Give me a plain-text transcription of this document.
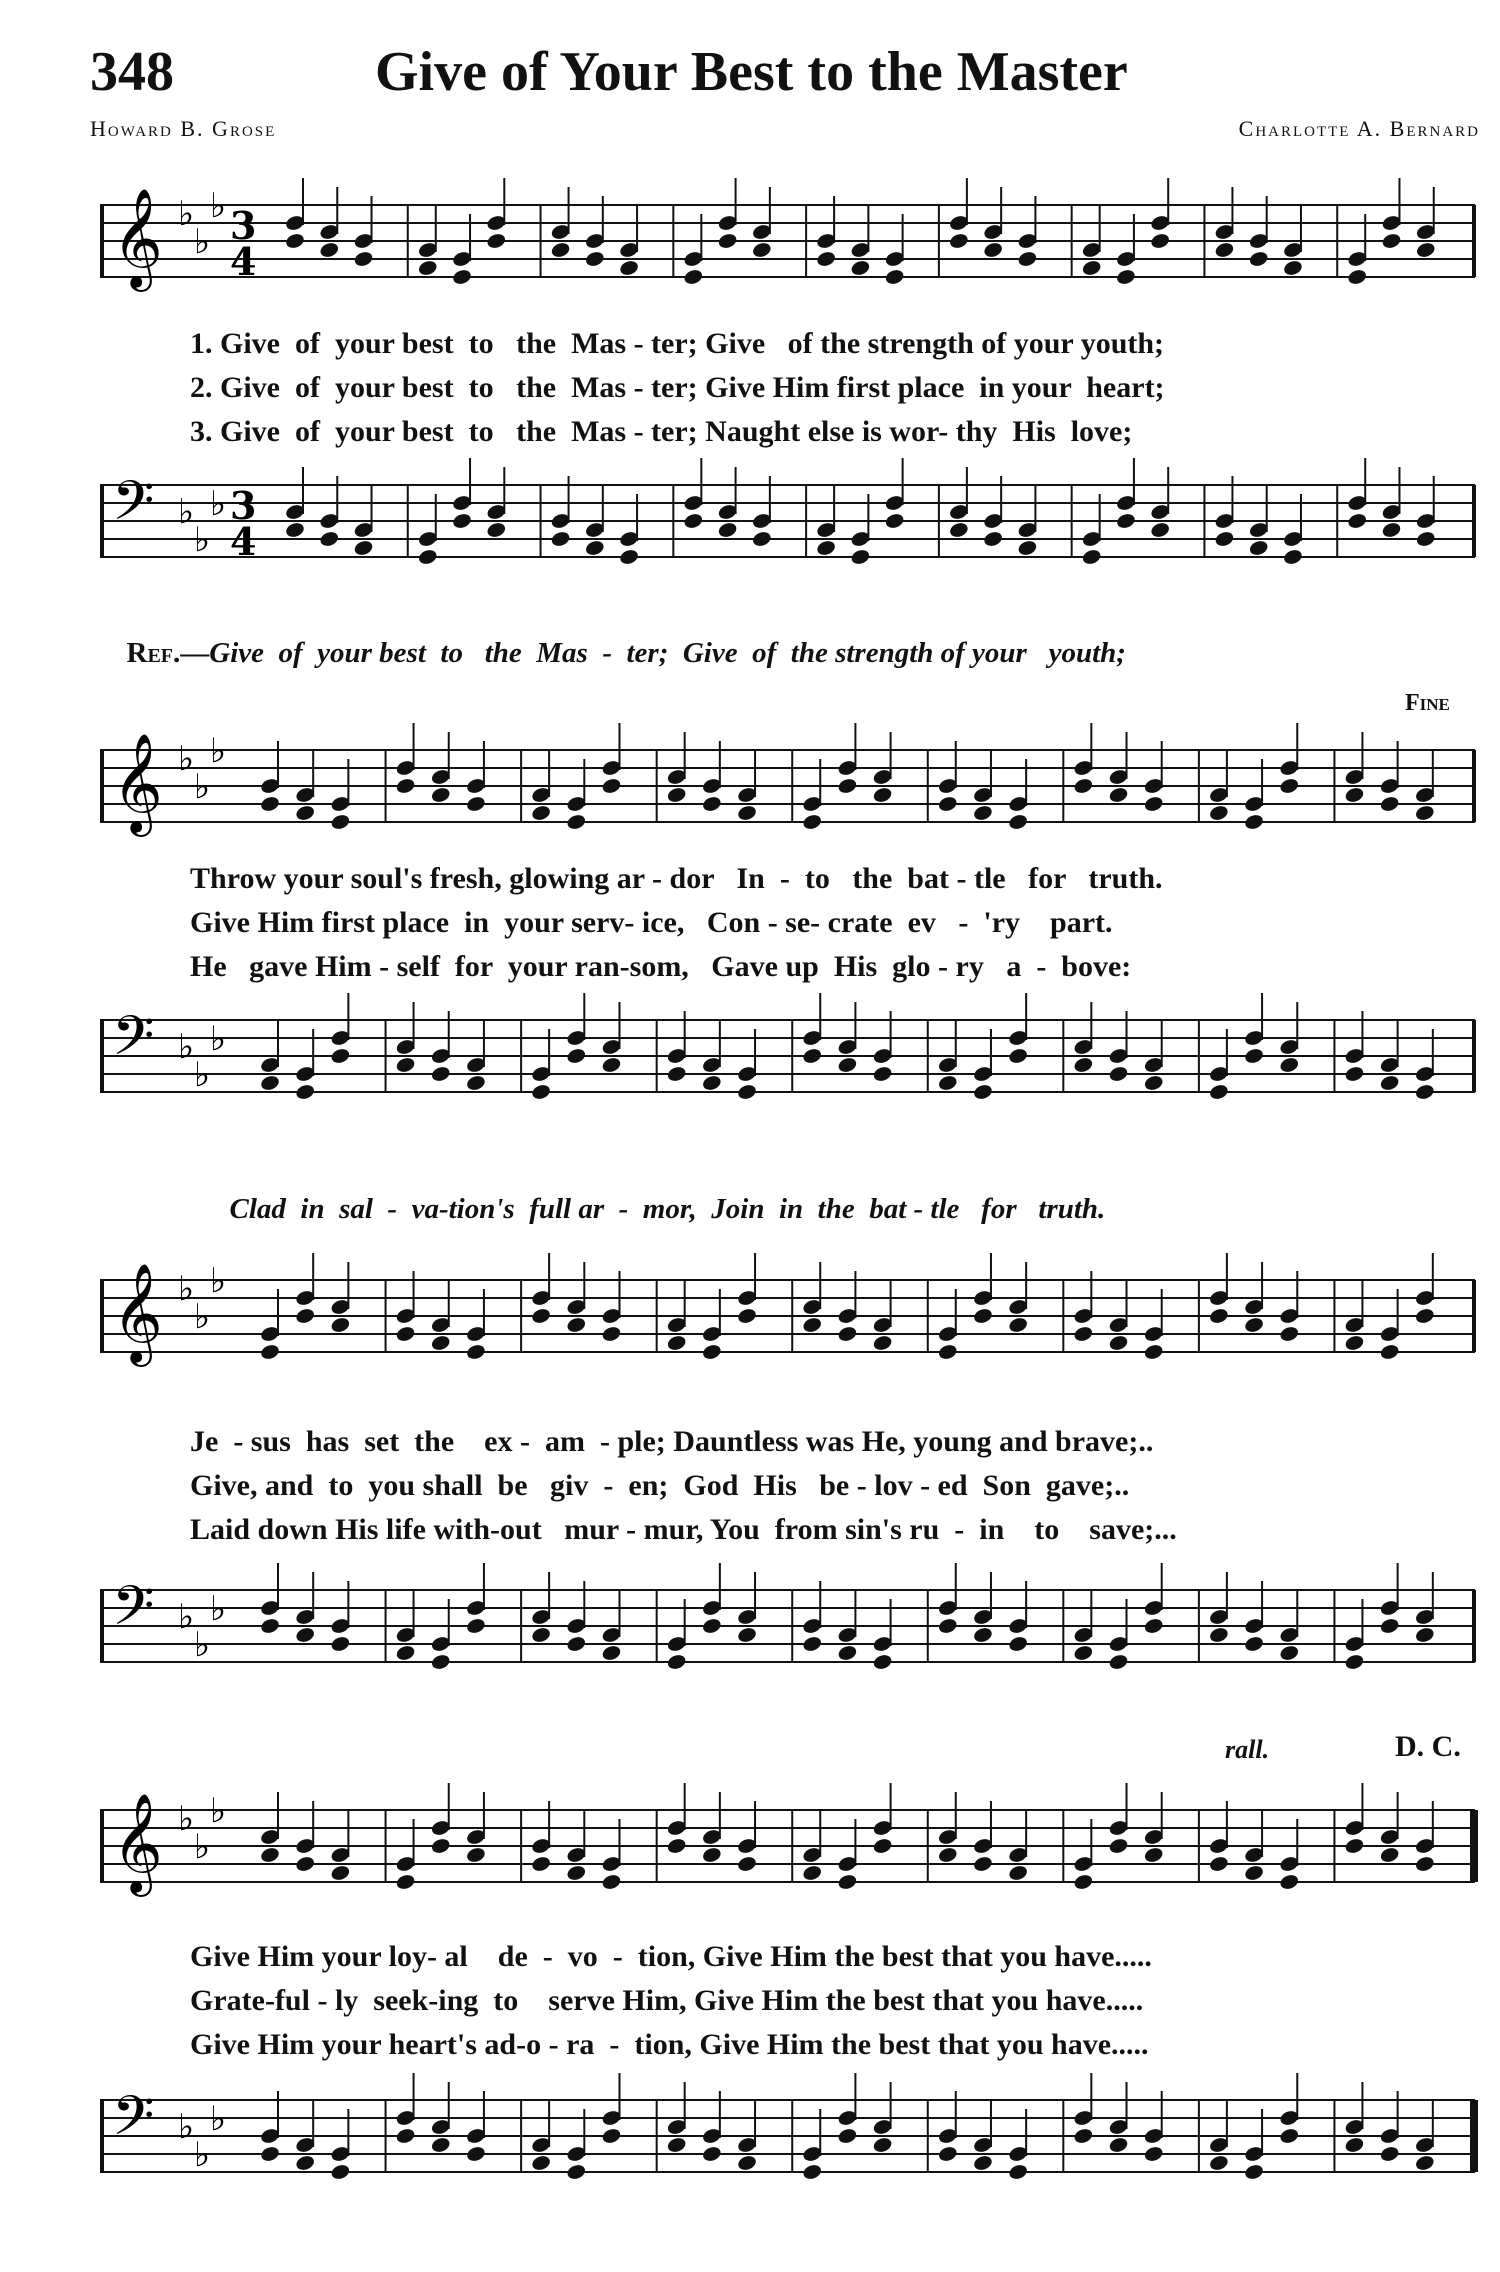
348	Give of Your Best to the Master
Howard B. Grose	Charlotte A. Bernard
𝄞 ♭
♭
♭ 3
4
1. Give  of  your best  to   the  Mas - ter; Give   of the strength of your youth;
2. Give  of  your best  to   the  Mas - ter; Give Him first place  in your  heart;
3. Give  of  your best  to   the  Mas - ter; Naught else is wor- thy  His  love;
𝄢 ♭
♭
♭ 3
4

Ref.—Give  of  your best  to   the  Mas  -  ter;  Give  of  the strength of your   youth;

Fine
𝄞 ♭
♭
♭
Throw your soul's fresh, glowing ar - dor   In  -  to   the  bat - tle   for   truth.
Give Him first place  in  your serv- ice,   Con - se- crate  ev   -  'ry    part.
He   gave Him - self  for  your ran-som,   Gave up  His  glo - ry   a  -  bove:
𝄢 ♭
♭
♭

Clad  in  sal  -  va-tion's  full ar  -  mor,  Join  in  the  bat - tle   for   truth.

𝄞 ♭
♭
♭
Je  - sus  has  set  the    ex -  am  - ple; Dauntless was He, young and brave;..
Give, and  to  you shall  be   giv  -  en;  God  His   be - lov - ed  Son  gave;..
Laid down His life with-out   mur - mur, You  from sin's ru  -  in    to    save;...
𝄢 ♭
♭
♭
rall.	D. C.
𝄞 ♭
♭
♭
Give Him your loy- al    de  -  vo  -  tion, Give Him the best that you have.....
Grate-ful - ly  seek-ing  to    serve Him, Give Him the best that you have.....
Give Him your heart's ad-o - ra  -  tion, Give Him the best that you have.....
𝄢 ♭
♭
♭
